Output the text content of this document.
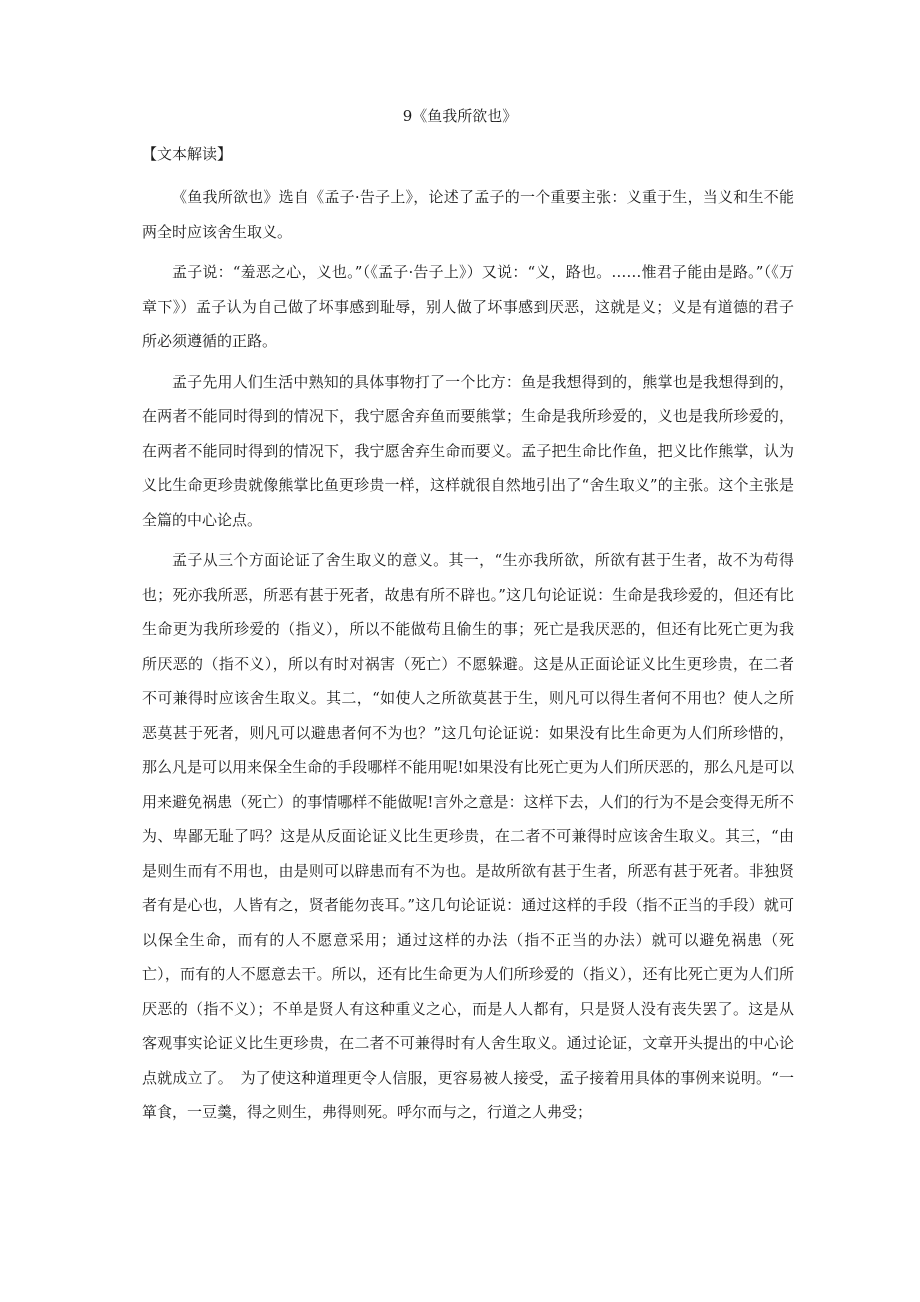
9《鱼我所欲也》
【文本解读】

《鱼我所欲也》选自《孟子·告子上》，论述了孟子的一个重要主张：义重于生，当义和生不能两全时应该舍生取义。

孟子说：“羞恶之心，义也。”（《孟子·告子上》）又说：“义，路也。……惟君子能由是路。”（《万章下》）孟子认为自己做了坏事感到耻辱，别人做了坏事感到厌恶，这就是义；义是有道德的君子所必须遵循的正路。

孟子先用人们生活中熟知的具体事物打了一个比方：鱼是我想得到的，熊掌也是我想得到的，在两者不能同时得到的情况下，我宁愿舍弃鱼而要熊掌；生命是我所珍爱的，义也是我所珍爱的，在两者不能同时得到的情况下，我宁愿舍弃生命而要义。孟子把生命比作鱼，把义比作熊掌，认为义比生命更珍贵就像熊掌比鱼更珍贵一样，这样就很自然地引出了“舍生取义”的主张。这个主张是全篇的中心论点。

孟子从三个方面论证了舍生取义的意义。其一，“生亦我所欲，所欲有甚于生者，故不为苟得也；死亦我所恶，所恶有甚于死者，故患有所不辟也。”这几句论证说：生命是我珍爱的，但还有比生命更为我所珍爱的（指义），所以不能做苟且偷生的事；死亡是我厌恶的，但还有比死亡更为我所厌恶的（指不义），所以有时对祸害（死亡）不愿躲避。这是从正面论证义比生更珍贵，在二者不可兼得时应该舍生取义。其二，“如使人之所欲莫甚于生，则凡可以得生者何不用也？使人之所恶莫甚于死者，则凡可以避患者何不为也？”这几句论证说：如果没有比生命更为人们所珍惜的，那么凡是可以用来保全生命的手段哪样不能用呢!如果没有比死亡更为人们所厌恶的，那么凡是可以用来避免祸患（死亡）的事情哪样不能做呢!言外之意是：这样下去，人们的行为不是会变得无所不为、卑鄙无耻了吗？这是从反面论证义比生更珍贵，在二者不可兼得时应该舍生取义。其三，“由是则生而有不用也，由是则可以辟患而有不为也。是故所欲有甚于生者，所恶有甚于死者。非独贤者有是心也，人皆有之，贤者能勿丧耳。”这几句论证说：通过这样的手段（指不正当的手段）就可以保全生命，而有的人不愿意采用；通过这样的办法（指不正当的办法）就可以避免祸患（死亡），而有的人不愿意去干。所以，还有比生命更为人们所珍爱的（指义），还有比死亡更为人们所厌恶的（指不义）；不单是贤人有这种重义之心，而是人人都有，只是贤人没有丧失罢了。这是从客观事实论证义比生更珍贵，在二者不可兼得时有人舍生取义。通过论证，文章开头提出的中心论点就成立了。　为了使这种道理更令人信服，更容易被人接受，孟子接着用具体的事例来说明。“一箪食，一豆羹，得之则生，弗得则死。呼尔而与之，行道之人弗受；
